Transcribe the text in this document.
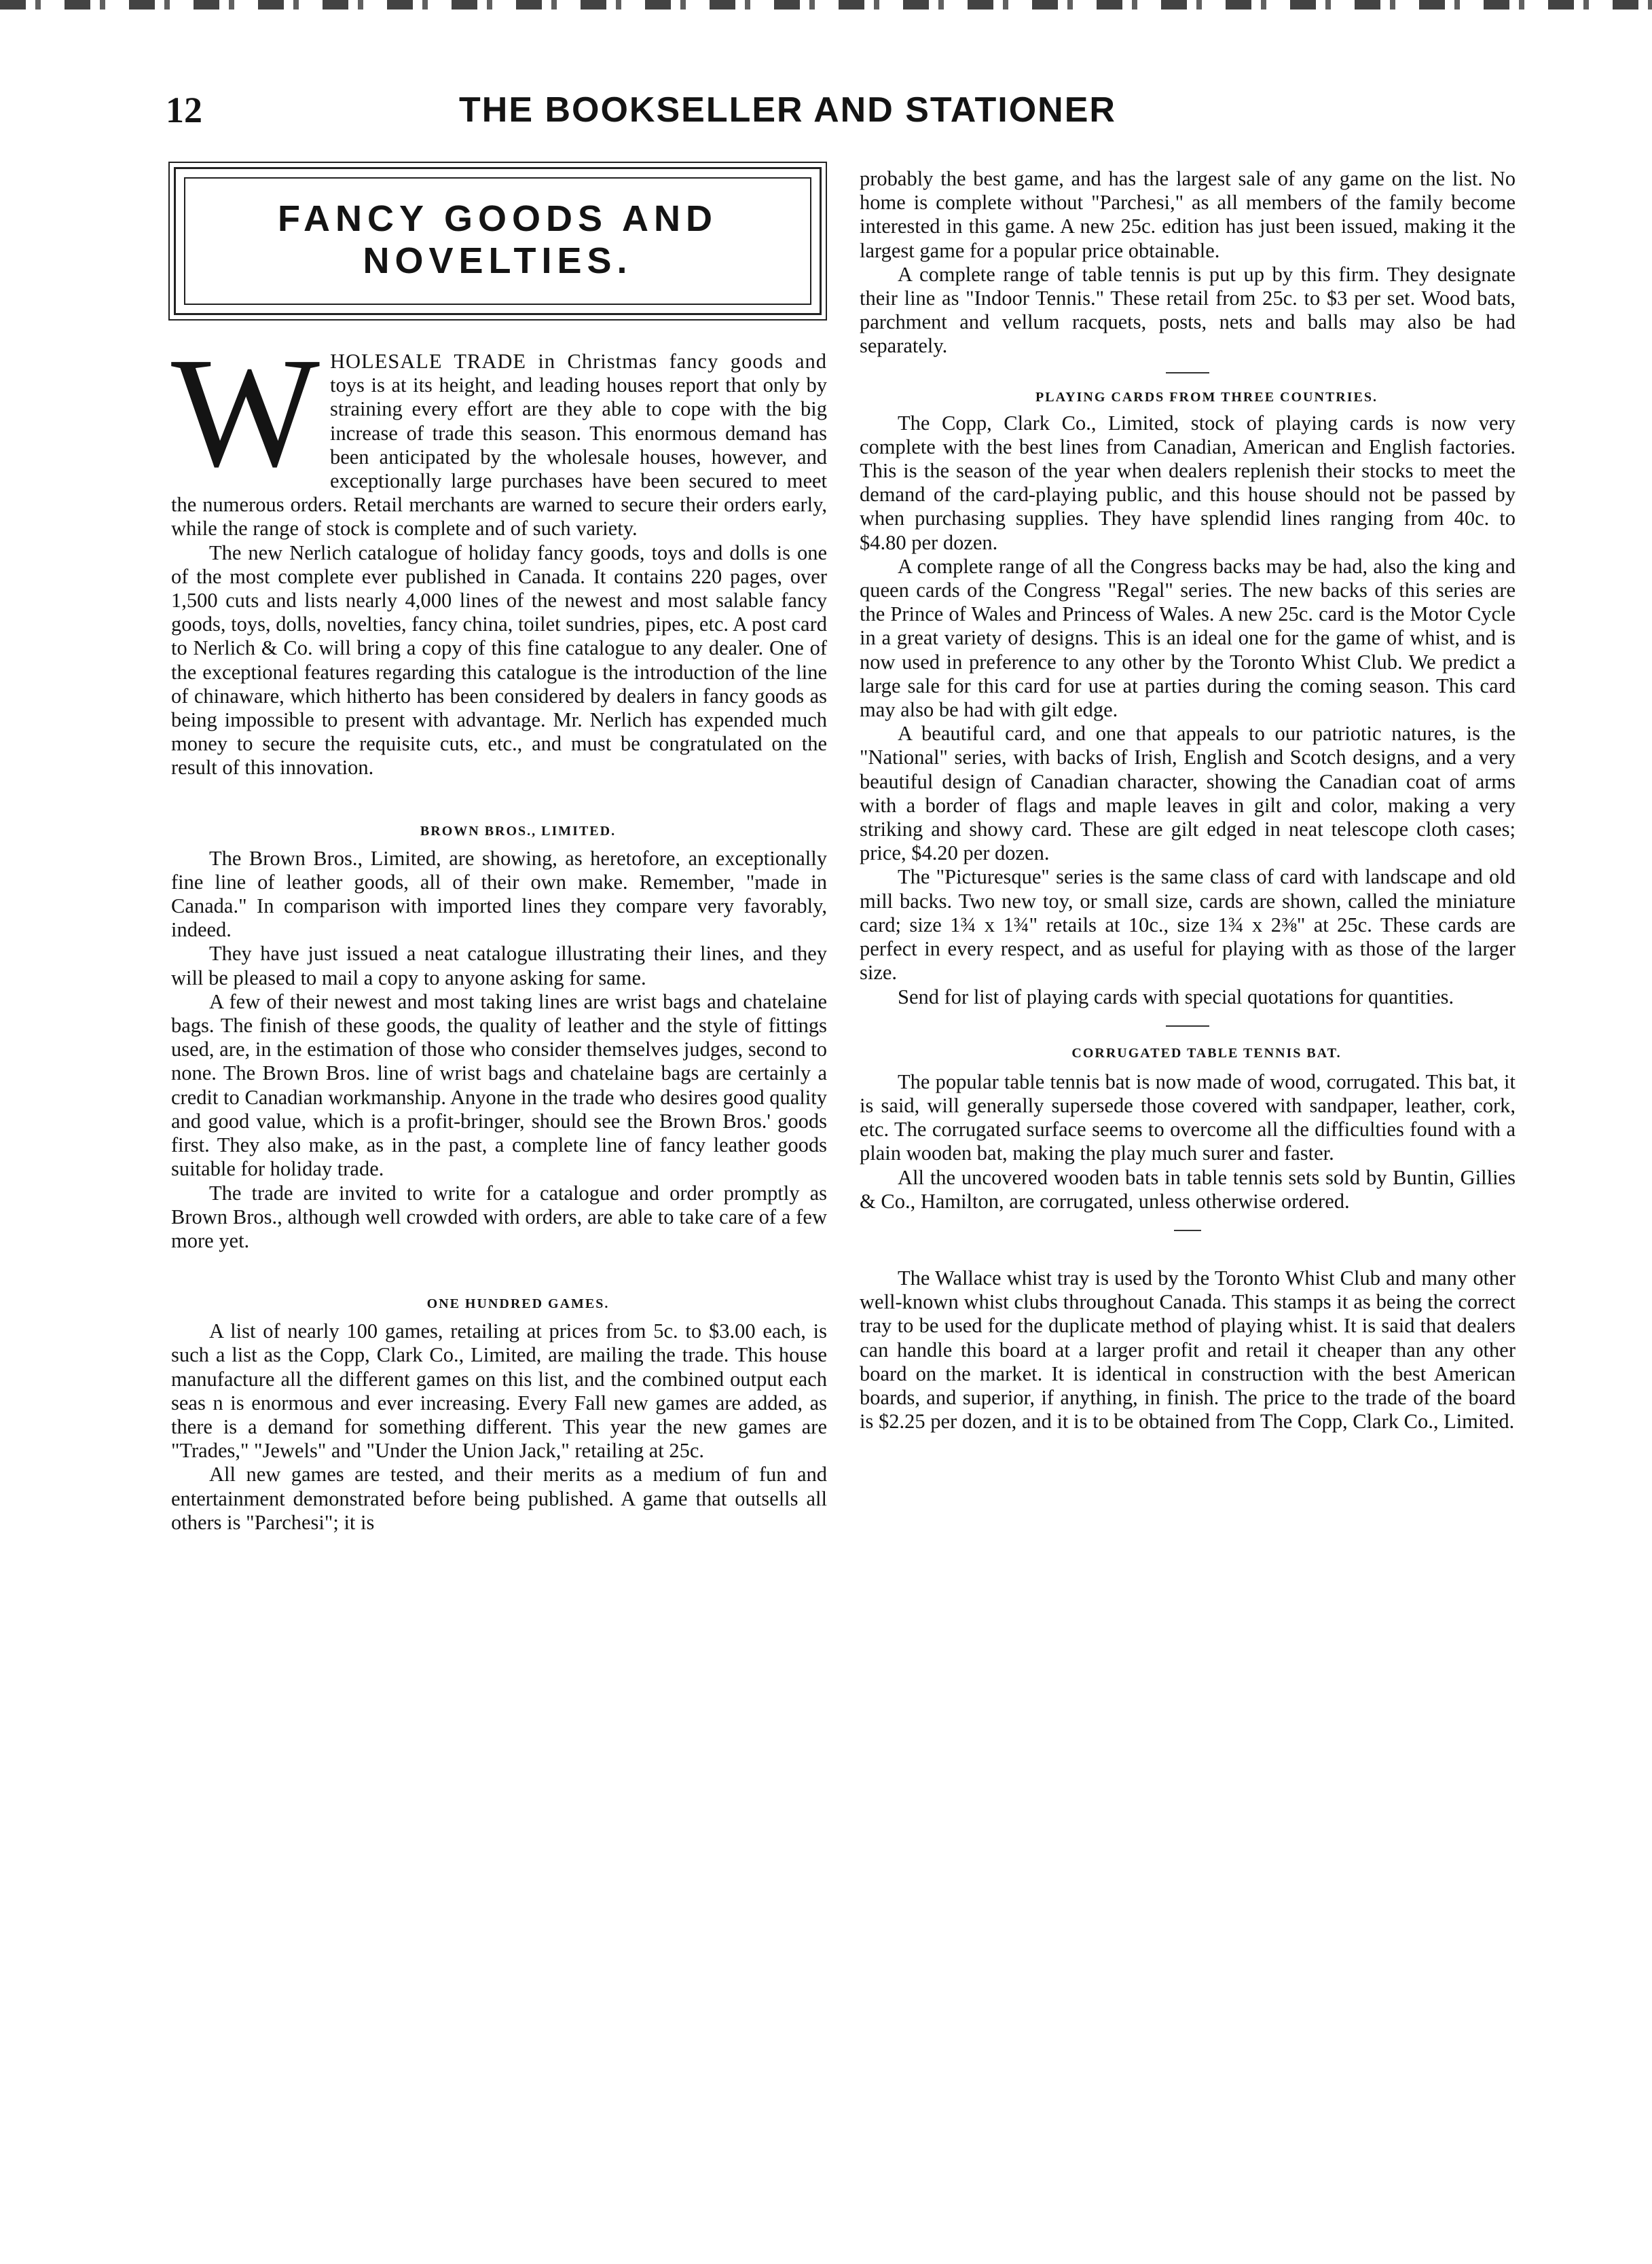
12	THE BOOKSELLER AND STATIONER
FANCY GOODS AND
NOVELTIES.

WHOLESALE TRADE in Christmas fancy goods and toys is at its height, and leading houses report that only by straining every effort are they able to cope with the big increase of trade this season. This enormous demand has been anticipated by the wholesale houses, however, and exceptionally large purchases have been secured to meet the numerous orders. Retail merchants are warned to secure their orders early, while the range of stock is complete and of such variety.

The new Nerlich catalogue of holiday fancy goods, toys and dolls is one of the most complete ever published in Canada. It contains 220 pages, over 1,500 cuts and lists nearly 4,000 lines of the newest and most salable fancy goods, toys, dolls, novelties, fancy china, toilet sundries, pipes, etc. A post card to Nerlich & Co. will bring a copy of this fine catalogue to any dealer. One of the exceptional features regarding this catalogue is the introduction of the line of chinaware, which hitherto has been considered by dealers in fancy goods as being impossible to present with advantage. Mr. Nerlich has expended much money to secure the requisite cuts, etc., and must be congratulated on the result of this innovation.

BROWN BROS., LIMITED.

The Brown Bros., Limited, are showing, as heretofore, an exceptionally fine line of leather goods, all of their own make. Remember, "made in Canada." In comparison with imported lines they compare very favorably, indeed.

They have just issued a neat catalogue illustrating their lines, and they will be pleased to mail a copy to anyone asking for same.

A few of their newest and most taking lines are wrist bags and chatelaine bags. The finish of these goods, the quality of leather and the style of fittings used, are, in the estimation of those who consider themselves judges, second to none. The Brown Bros. line of wrist bags and chatelaine bags are certainly a credit to Canadian workmanship. Anyone in the trade who desires good quality and good value, which is a profit-bringer, should see the Brown Bros.' goods first. They also make, as in the past, a complete line of fancy leather goods suitable for holiday trade.

The trade are invited to write for a catalogue and order promptly as Brown Bros., although well crowded with orders, are able to take care of a few more yet.

ONE HUNDRED GAMES.

A list of nearly 100 games, retailing at prices from 5c. to $3.00 each, is such a list as the Copp, Clark Co., Limited, are mailing the trade. This house manufacture all the different games on this list, and the combined output each seas n is enormous and ever increasing. Every Fall new games are added, as there is a demand for something different. This year the new games are "Trades," "Jewels" and "Under the Union Jack," retailing at 25c.

All new games are tested, and their merits as a medium of fun and entertainment demonstrated before being published. A game that outsells all others is "Parchesi"; it is

probably the best game, and has the largest sale of any game on the list. No home is complete without "Parchesi," as all members of the family become interested in this game. A new 25c. edition has just been issued, making it the largest game for a popular price obtainable.

A complete range of table tennis is put up by this firm. They designate their line as "Indoor Tennis." These retail from 25c. to $3 per set. Wood bats, parchment and vellum racquets, posts, nets and balls may also be had separately.

PLAYING CARDS FROM THREE COUNTRIES.

The Copp, Clark Co., Limited, stock of playing cards is now very complete with the best lines from Canadian, American and English factories. This is the season of the year when dealers replenish their stocks to meet the demand of the card-playing public, and this house should not be passed by when purchasing supplies. They have splendid lines ranging from 40c. to $4.80 per dozen.

A complete range of all the Congress backs may be had, also the king and queen cards of the Congress "Regal" series. The new backs of this series are the Prince of Wales and Princess of Wales. A new 25c. card is the Motor Cycle in a great variety of designs. This is an ideal one for the game of whist, and is now used in preference to any other by the Toronto Whist Club. We predict a large sale for this card for use at parties during the coming season. This card may also be had with gilt edge.

A beautiful card, and one that appeals to our patriotic natures, is the "National" series, with backs of Irish, English and Scotch designs, and a very beautiful design of Canadian character, showing the Canadian coat of arms with a border of flags and maple leaves in gilt and color, making a very striking and showy card. These are gilt edged in neat telescope cloth cases; price, $4.20 per dozen.

The "Picturesque" series is the same class of card with landscape and old mill backs. Two new toy, or small size, cards are shown, called the miniature card; size 1¾ x 1¾" retails at 10c., size 1¾ x 2⅜" at 25c. These cards are perfect in every respect, and as useful for playing with as those of the larger size.

Send for list of playing cards with special quotations for quantities.

CORRUGATED TABLE TENNIS BAT.

The popular table tennis bat is now made of wood, corrugated. This bat, it is said, will generally supersede those covered with sandpaper, leather, cork, etc. The corrugated surface seems to overcome all the difficulties found with a plain wooden bat, making the play much surer and faster.

All the uncovered wooden bats in table tennis sets sold by Buntin, Gillies & Co., Hamilton, are corrugated, unless otherwise ordered.

The Wallace whist tray is used by the Toronto Whist Club and many other well-known whist clubs throughout Canada. This stamps it as being the correct tray to be used for the duplicate method of playing whist. It is said that dealers can handle this board at a larger profit and retail it cheaper than any other board on the market. It is identical in construction with the best American boards, and superior, if anything, in finish. The price to the trade of the board is $2.25 per dozen, and it is to be obtained from The Copp, Clark Co., Limited.
